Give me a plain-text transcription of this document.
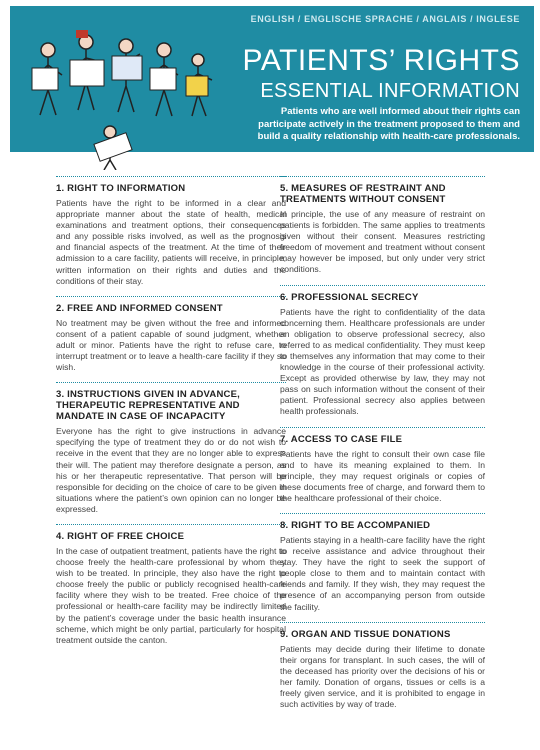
ENGLISH / ENGLISCHE SPRACHE / ANGLAIS / INGLESE
PATIENTS’ RIGHTS
ESSENTIAL INFORMATION
Patients who are well informed about their rights can participate actively in the treatment proposed to them and build a quality relationship with health-care professionals.
1. RIGHT TO INFORMATION

Patients have the right to be informed in a clear and appropriate manner about the state of health, medical examinations and treatment options, their consequences and any possible risks involved, as well as the prognosis and financial aspects of the treatment. At the time of their admission to a care facility, patients will receive, in principle, written information on their rights and duties and the conditions of their stay.

2. FREE AND INFORMED CONSENT

No treatment may be given without the free and informed consent of a patient capable of sound judgment, whether adult or minor. Patients have the right to refuse care, to interrupt treatment or to leave a health-care facility if they so wish.

3. INSTRUCTIONS GIVEN IN ADVANCE, THERAPEUTIC REPRESENTATIVE AND MANDATE IN CASE OF INCAPACITY

Everyone has the right to give instructions in advance specifying the type of treatment they do or do not wish to receive in the event that they are no longer able to express their will. The patient may therefore designate a person, as his or her therapeutic representative. That person will be responsible for deciding on the choice of care to be given in situations where the patient’s own opinion can no longer be expressed.

4. RIGHT OF FREE CHOICE

In the case of outpatient treatment, patients have the right to choose freely the health-care professional by whom they wish to be treated. In principle, they also have the right to choose freely the public or publicly recognised health-care facility where they wish to be treated. Free choice of the professional or health-care facility may be indirectly limited by the patient’s coverage under the basic health insurance scheme, which might be only partial, particularly for hospital treatment outside the canton.

5. MEASURES OF RESTRAINT AND TREATMENTS WITHOUT CONSENT

In principle, the use of any measure of restraint on patients is forbidden. The same applies to treatments given without their consent. Measures restricting freedom of movement and treatment without consent may however be imposed, but only under very strict conditions.

6. PROFESSIONAL SECRECY

Patients have the right to confidentiality of the data concerning them. Healthcare professionals are under an obligation to observe professional secrecy, also referred to as medical confidentiality. They must keep to themselves any information that may come to their knowledge in the course of their professional activity. Except as provided otherwise by law, they may not pass on such information without the consent of their patient. Professional secrecy also applies between health professionals.

7. ACCESS TO CASE FILE

Patients have the right to consult their own case file and to have its meaning explained to them. In principle, they may request originals or copies of these documents free of charge, and forward them to the healthcare professional of their choice.

8. RIGHT TO BE ACCOMPANIED

Patients staying in a health-care facility have the right to receive assistance and advice throughout their stay. They have the right to seek the support of people close to them and to maintain contact with friends and family. If they wish, they may request the presence of an accompanying person from outside the facility.

9. ORGAN AND TISSUE DONATIONS

Patients may decide during their lifetime to donate their organs for transplant. In such cases, the will of the deceased has priority over the decisions of his or her family. Donation of organs, tissues or cells is a freely given service, and it is prohibited to engage in such activities by way of trade.
